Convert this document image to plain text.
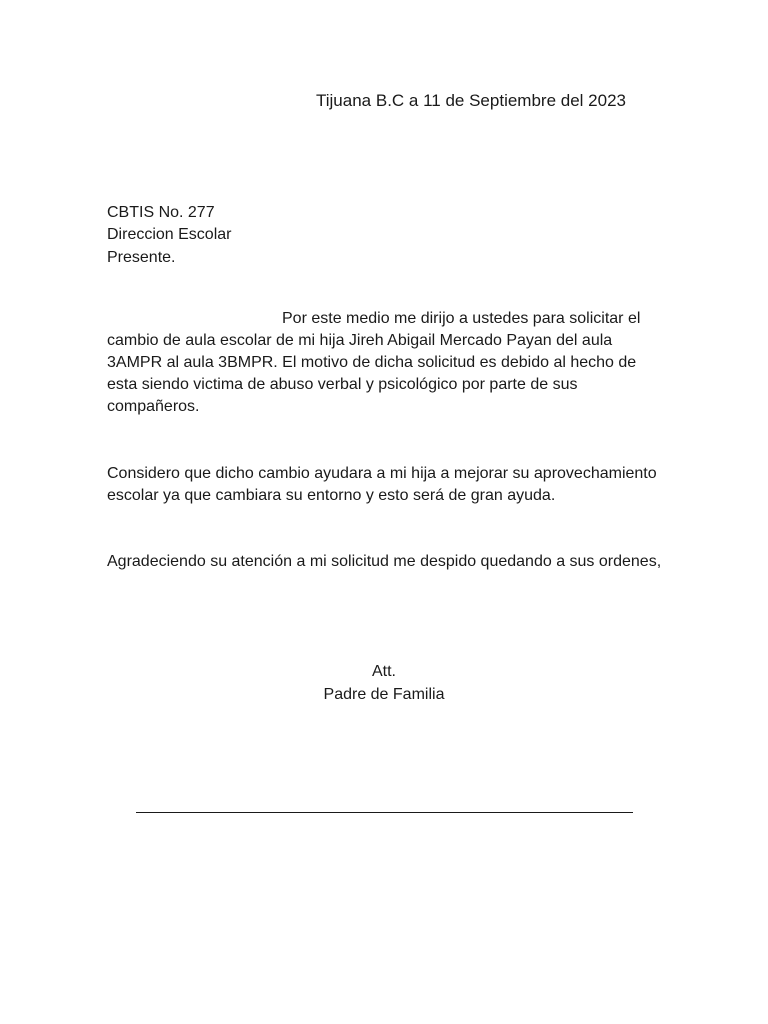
Tijuana B.C a 11 de Septiembre del 2023
CBTIS No. 277
Direccion Escolar
Presente.
Por este medio me dirijo a ustedes para solicitar el
cambio de aula escolar de mi hija Jireh Abigail Mercado Payan del aula
3AMPR al aula 3BMPR. El motivo de dicha solicitud es debido al hecho de
esta siendo victima de abuso verbal y psicológico por parte de sus
compañeros.
Considero que dicho cambio ayudara a mi hija a mejorar su aprovechamiento
escolar ya que cambiara su entorno y esto será de gran ayuda.
Agradeciendo su atención a mi solicitud me despido quedando a sus ordenes,
Att.
Padre de Familia
